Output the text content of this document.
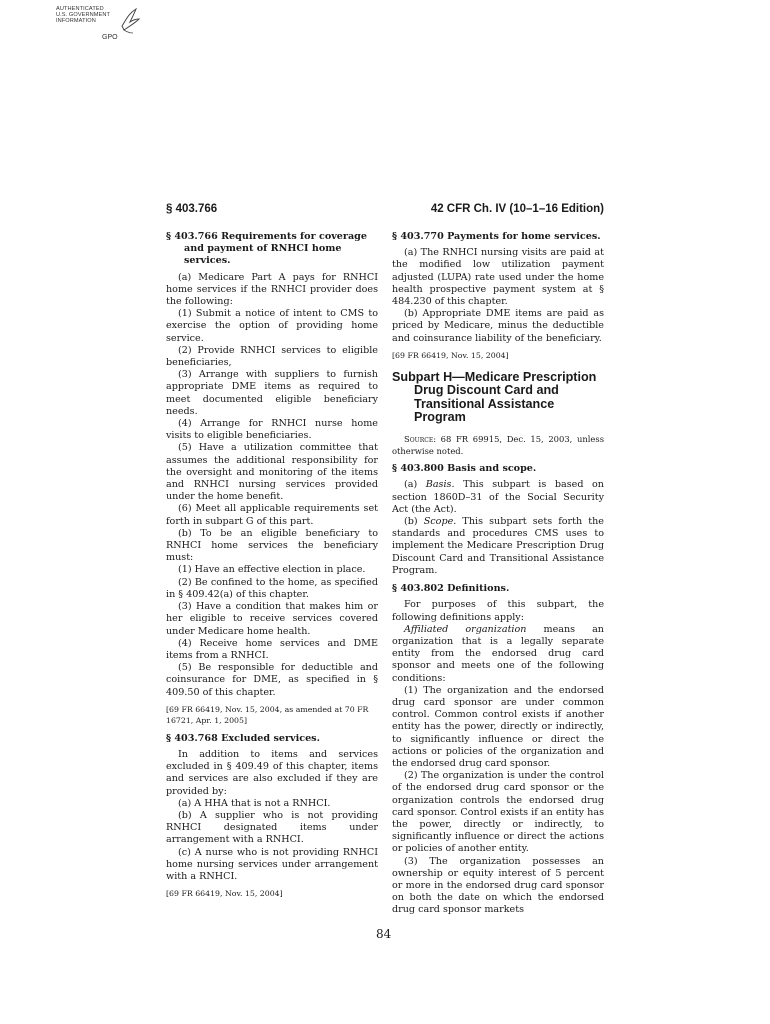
AUTHENTICATED
U.S. GOVERNMENT
INFORMATION
GPO
§ 403.766	42 CFR Ch. IV (10–1–16 Edition)

§ 403.766 Requirements for coverage and payment of RNHCI home services.

(a) Medicare Part A pays for RNHCI home services if the RNHCI provider does the following:

(1) Submit a notice of intent to CMS to exercise the option of providing home service.

(2) Provide RNHCI services to eligible beneficiaries,

(3) Arrange with suppliers to furnish appropriate DME items as required to meet documented eligible beneficiary needs.

(4) Arrange for RNHCI nurse home visits to eligible beneficiaries.

(5) Have a utilization committee that assumes the additional responsibility for the oversight and monitoring of the items and RNHCI nursing services provided under the home benefit.

(6) Meet all applicable requirements set forth in subpart G of this part.

(b) To be an eligible beneficiary to RNHCI home services the beneficiary must:

(1) Have an effective election in place.

(2) Be confined to the home, as specified in § 409.42(a) of this chapter.

(3) Have a condition that makes him or her eligible to receive services covered under Medicare home health.

(4) Receive home services and DME items from a RNHCI.

(5) Be responsible for deductible and coinsurance for DME, as specified in § 409.50 of this chapter.

[69 FR 66419, Nov. 15, 2004, as amended at 70 FR 16721, Apr. 1, 2005]

§ 403.768 Excluded services.

In addition to items and services excluded in § 409.49 of this chapter, items and services are also excluded if they are provided by:

(a) A HHA that is not a RNHCI.

(b) A supplier who is not providing RNHCI designated items under arrangement with a RNHCI.

(c) A nurse who is not providing RNHCI home nursing services under arrangement with a RNHCI.

[69 FR 66419, Nov. 15, 2004]

§ 403.770 Payments for home services.

(a) The RNHCI nursing visits are paid at the modified low utilization payment adjusted (LUPA) rate used under the home health prospective payment system at § 484.230 of this chapter.

(b) Appropriate DME items are paid as priced by Medicare, minus the deductible and coinsurance liability of the beneficiary.

[69 FR 66419, Nov. 15, 2004]

Subpart H—Medicare Prescription Drug Discount Card and Transitional Assistance Program

Source: 68 FR 69915, Dec. 15, 2003, unless otherwise noted.

§ 403.800 Basis and scope.

(a) Basis. This subpart is based on section 1860D–31 of the Social Security Act (the Act).

(b) Scope. This subpart sets forth the standards and procedures CMS uses to implement the Medicare Prescription Drug Discount Card and Transitional Assistance Program.

§ 403.802 Definitions.

For purposes of this subpart, the following definitions apply:

Affiliated organization means an organization that is a legally separate entity from the endorsed drug card sponsor and meets one of the following conditions:

(1) The organization and the endorsed drug card sponsor are under common control. Common control exists if another entity has the power, directly or indirectly, to significantly influence or direct the actions or policies of the organization and the endorsed drug card sponsor.

(2) The organization is under the control of the endorsed drug card sponsor or the organization controls the endorsed drug card sponsor. Control exists if an entity has the power, directly or indirectly, to significantly influence or direct the actions or policies of another entity.

(3) The organization possesses an ownership or equity interest of 5 percent or more in the endorsed drug card sponsor on both the date on which the endorsed drug card sponsor markets

84
